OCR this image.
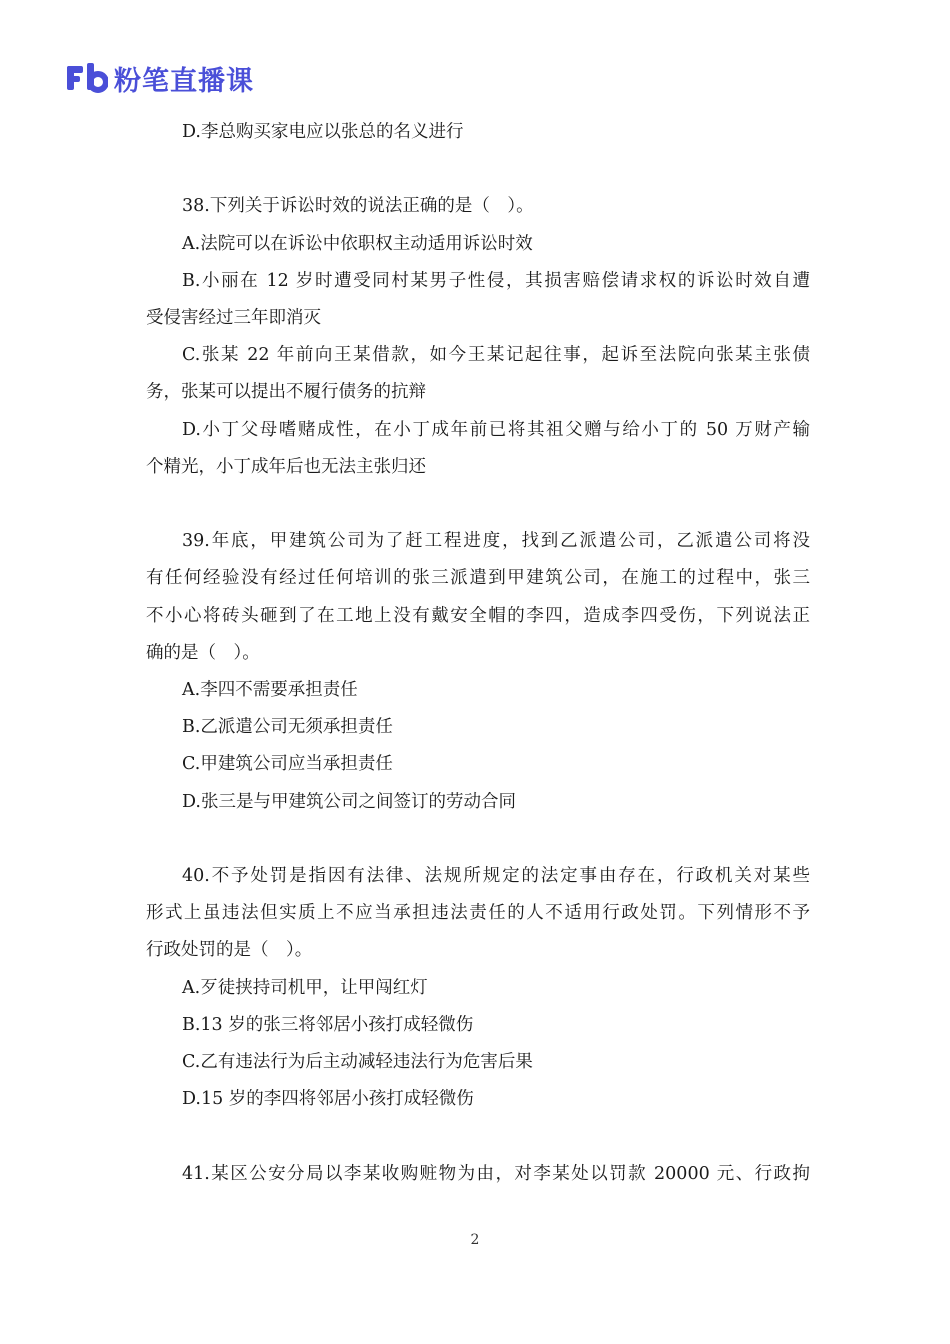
粉笔直播课
D.李总购买家电应以张总的名义进行
38.下列关于诉讼时效的说法正确的是（　）。
A.法院可以在诉讼中依职权主动适用诉讼时效
B.小丽在 12 岁时遭受同村某男子性侵，其损害赔偿请求权的诉讼时效自遭
受侵害经过三年即消灭
C.张某 22 年前向王某借款，如今王某记起往事，起诉至法院向张某主张债
务，张某可以提出不履行债务的抗辩
D.小丁父母嗜赌成性，在小丁成年前已将其祖父赠与给小丁的 50 万财产输
个精光，小丁成年后也无法主张归还
39.年底，甲建筑公司为了赶工程进度，找到乙派遣公司，乙派遣公司将没
有任何经验没有经过任何培训的张三派遣到甲建筑公司，在施工的过程中，张三
不小心将砖头砸到了在工地上没有戴安全帽的李四，造成李四受伤，下列说法正
确的是（　）。
A.李四不需要承担责任
B.乙派遣公司无须承担责任
C.甲建筑公司应当承担责任
D.张三是与甲建筑公司之间签订的劳动合同
40.不予处罚是指因有法律、法规所规定的法定事由存在，行政机关对某些
形式上虽违法但实质上不应当承担违法责任的人不适用行政处罚。下列情形不予
行政处罚的是（　）。
A.歹徒挟持司机甲，让甲闯红灯
B.13 岁的张三将邻居小孩打成轻微伤
C.乙有违法行为后主动减轻违法行为危害后果
D.15 岁的李四将邻居小孩打成轻微伤
41.某区公安分局以李某收购赃物为由，对李某处以罚款 20000 元、行政拘
2
